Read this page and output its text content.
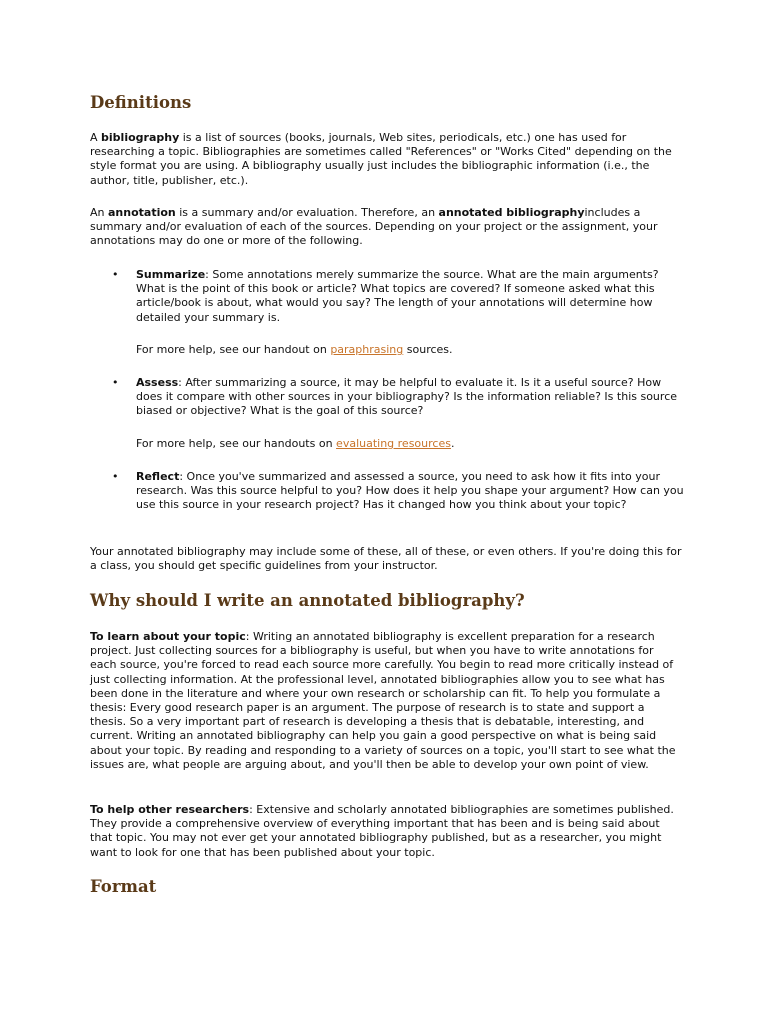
Definitions

A bibliography is a list of sources (books, journals, Web sites, periodicals, etc.) one has used for researching a topic. Bibliographies are sometimes called "References" or "Works Cited" depending on the style format you are using. A bibliography usually just includes the bibliographic information (i.e., the author, title, publisher, etc.).

An annotation is a summary and/or evaluation. Therefore, an annotated bibliographyincludes a summary and/or evaluation of each of the sources. Depending on your project or the assignment, your annotations may do one or more of the following.

• Summarize: Some annotations merely summarize the source. What are the main arguments? What is the point of this book or article? What topics are covered? If someone asked what this article/book is about, what would you say? The length of your annotations will determine how detailed your summary is.

For more help, see our handout on paraphrasing sources.

• Assess: After summarizing a source, it may be helpful to evaluate it. Is it a useful source? How does it compare with other sources in your bibliography? Is the information reliable? Is this source biased or objective? What is the goal of this source?

For more help, see our handouts on evaluating resources.

• Reflect: Once you've summarized and assessed a source, you need to ask how it fits into your research. Was this source helpful to you? How does it help you shape your argument? How can you use this source in your research project? Has it changed how you think about your topic?

Your annotated bibliography may include some of these, all of these, or even others. If you're doing this for a class, you should get specific guidelines from your instructor.

Why should I write an annotated bibliography?

To learn about your topic: Writing an annotated bibliography is excellent preparation for a research project. Just collecting sources for a bibliography is useful, but when you have to write annotations for each source, you're forced to read each source more carefully. You begin to read more critically instead of just collecting information. At the professional level, annotated bibliographies allow you to see what has been done in the literature and where your own research or scholarship can fit. To help you formulate a thesis: Every good research paper is an argument. The purpose of research is to state and support a thesis. So a very important part of research is developing a thesis that is debatable, interesting, and current. Writing an annotated bibliography can help you gain a good perspective on what is being said about your topic. By reading and responding to a variety of sources on a topic, you'll start to see what the issues are, what people are arguing about, and you'll then be able to develop your own point of view.

To help other researchers: Extensive and scholarly annotated bibliographies are sometimes published. They provide a comprehensive overview of everything important that has been and is being said about that topic. You may not ever get your annotated bibliography published, but as a researcher, you might want to look for one that has been published about your topic.

Format
